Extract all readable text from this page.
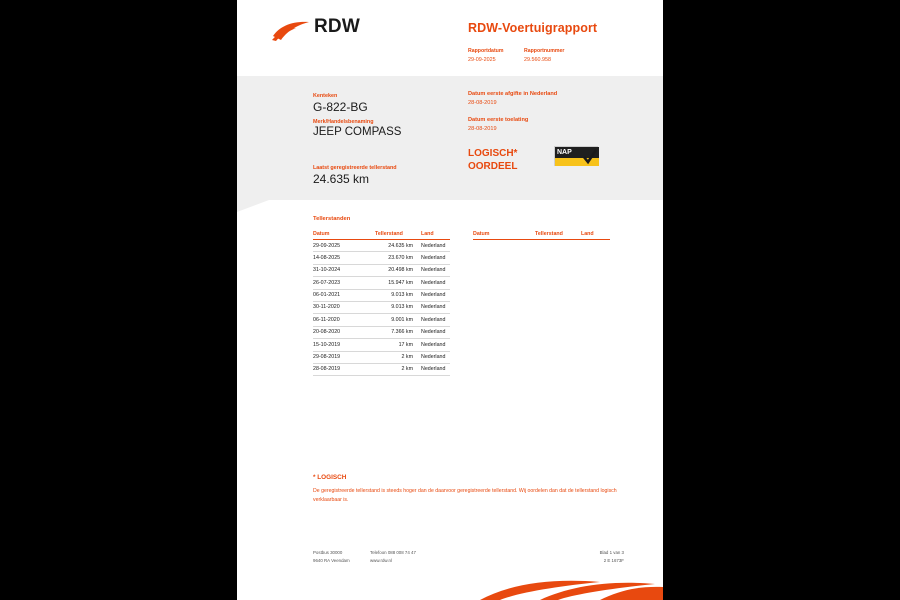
RDW	RDW-Voertuigrapport
Rapportdatum
29-09-2025
Rapportnummer
29.560.958
Kenteken
G-822-BG
Merk/Handelsbenaming
JEEP COMPASS
Laatst geregistreerde tellerstand
24.635 km
Datum eerste afgifte in Nederland
28-08-2019
Datum eerste toelating
28-08-2019
LOGISCH*
OORDEEL
NAP
Tellerstanden
Datum	Tellerstand	Land
29-09-2025	24.635 km Nederland
14-08-2025	23.670 km Nederland
31-10-2024	20.498 km Nederland
26-07-2023	15.947 km Nederland
06-01-2021	9.013 km Nederland
30-11-2020	9.013 km Nederland
06-11-2020	9.001 km Nederland
20-08-2020	7.366 km Nederland
15-10-2019	17 km Nederland
29-08-2019	2 km Nederland
28-08-2019	2 km Nederland
Datum	Tellerstand	Land
* LOGISCH
De geregistreerde tellerstand is steeds hoger dan de daarvoor geregistreerde tellerstand. Wij oordelen dan dat de tellerstand logisch verklaarbaar is.
Postbus 30000
9640 RA Veendam
Telefoon 088 008 74 47
www.rdw.nl
Blad 1 van 3
2 E 1673F
